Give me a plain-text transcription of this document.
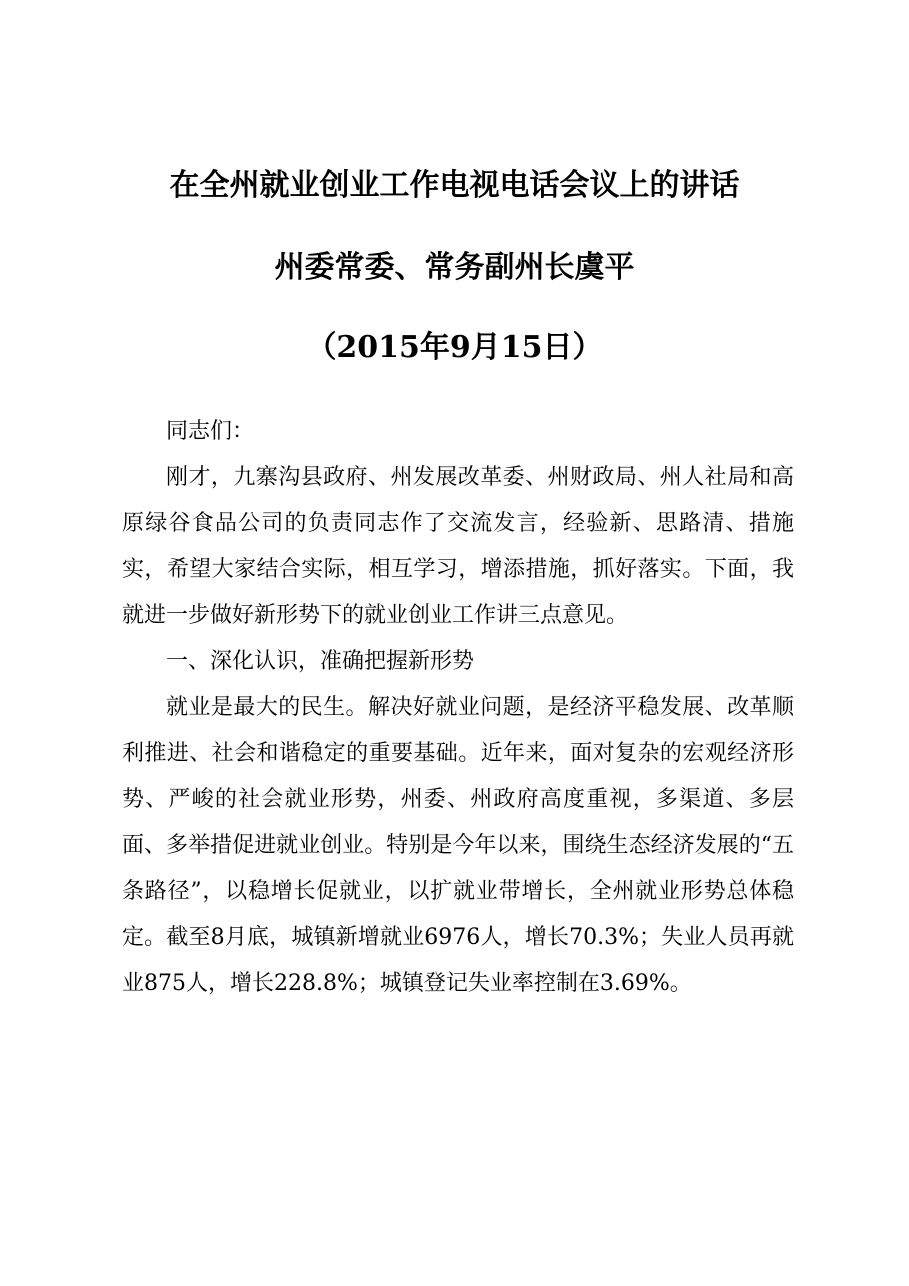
在全州就业创业工作电视电话会议上的讲话
州委常委、常务副州长虞平
（2015年9月15日）

同志们：

刚才，九寨沟县政府、州发展改革委、州财政局、州人社局和高原绿谷食品公司的负责同志作了交流发言，经验新、思路清、措施实，希望大家结合实际，相互学习，增添措施，抓好落实。下面，我就进一步做好新形势下的就业创业工作讲三点意见。

一、深化认识，准确把握新形势

就业是最大的民生。解决好就业问题，是经济平稳发展、改革顺利推进、社会和谐稳定的重要基础。近年来，面对复杂的宏观经济形势、严峻的社会就业形势，州委、州政府高度重视，多渠道、多层面、多举措促进就业创业。特别是今年以来，围绕生态经济发展的“五条路径”，以稳增长促就业，以扩就业带增长，全州就业形势总体稳定。截至8月底，城镇新增就业6976人，增长70.3%；失业人员再就业875人，增长228.8%；城镇登记失业率控制在3.69%。
